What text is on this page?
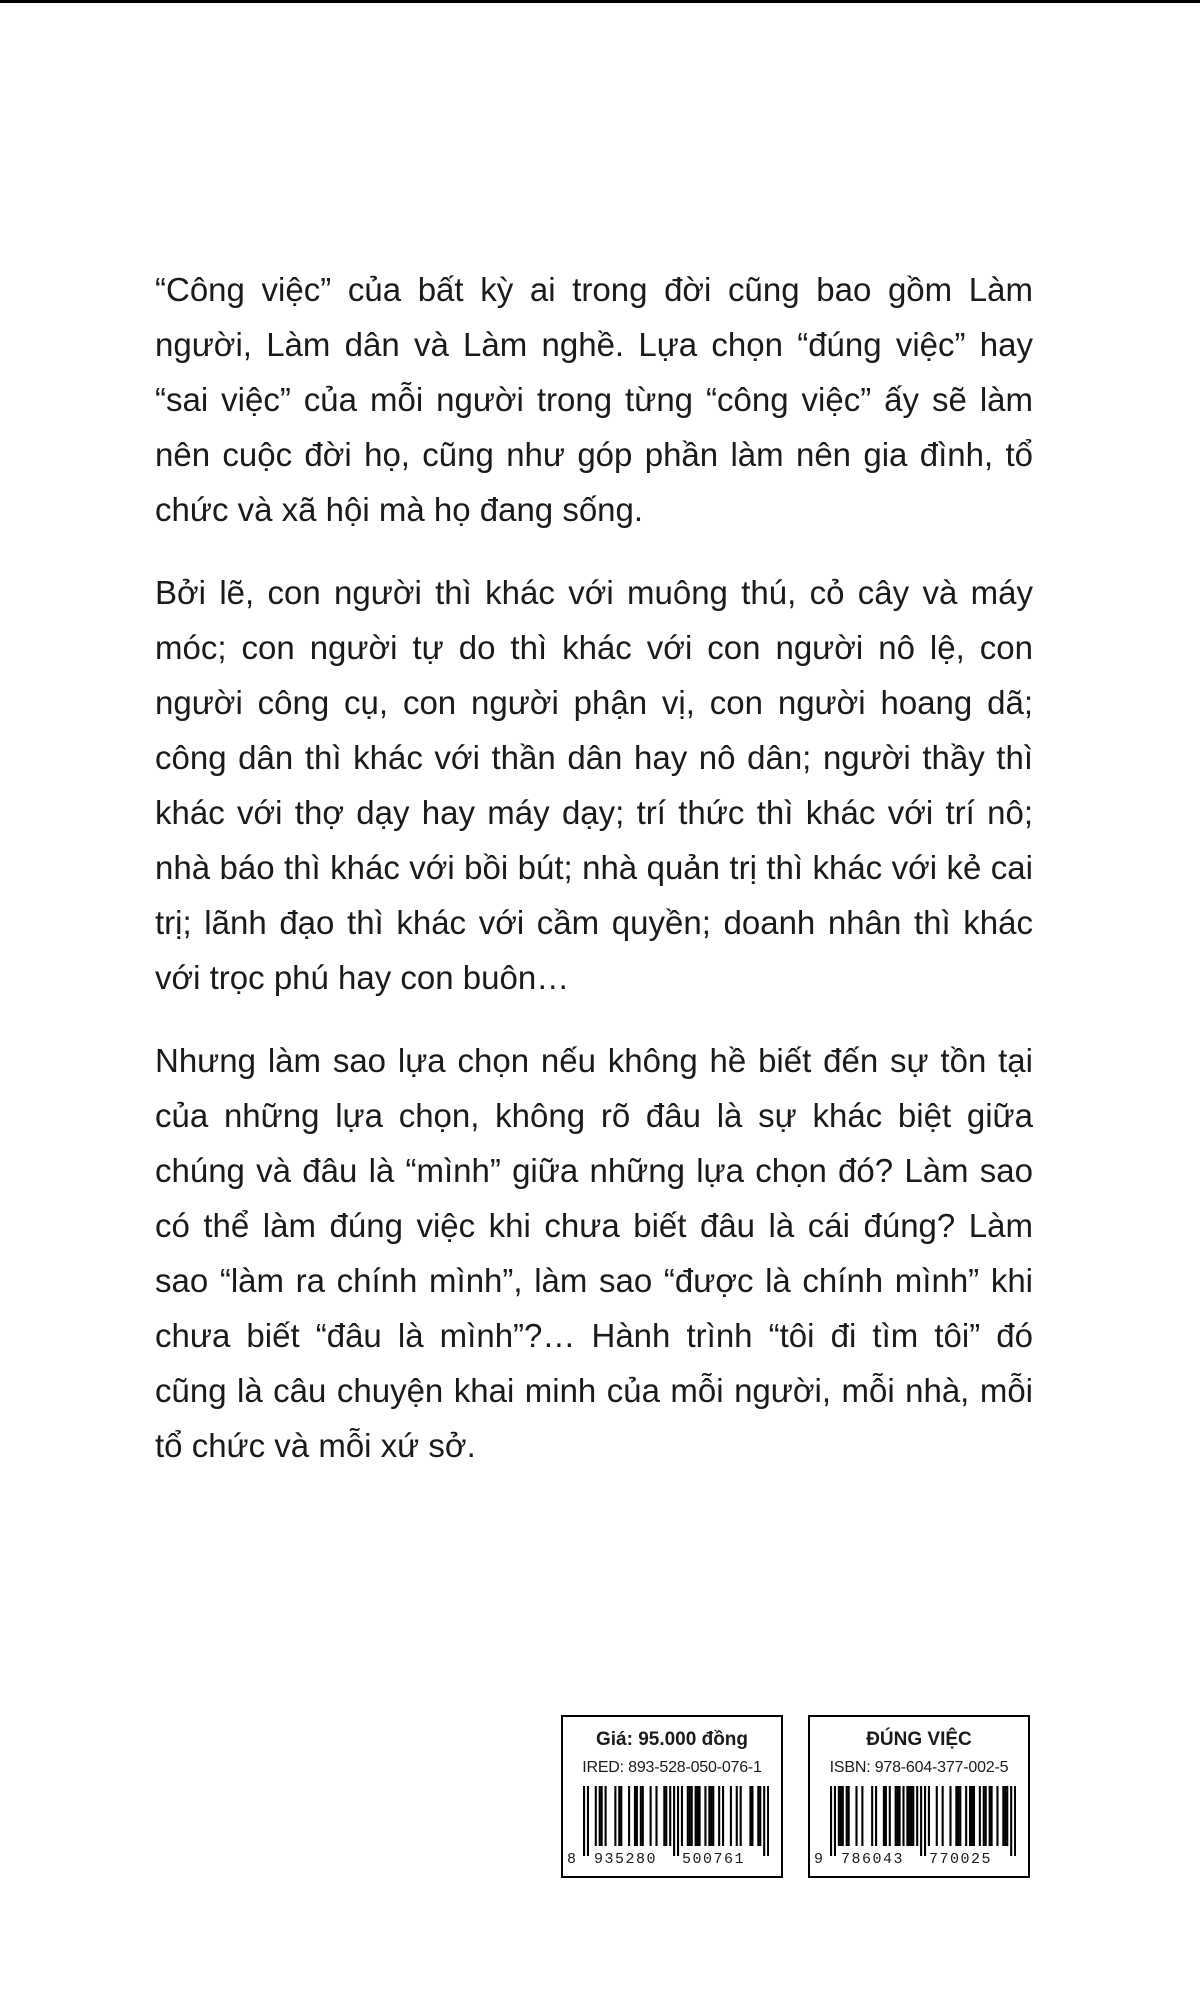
“Công việc” của bất kỳ ai trong đời cũng bao gồm Làm người, Làm dân và Làm nghề. Lựa chọn “đúng việc” hay “sai việc” của mỗi người trong từng “công việc” ấy sẽ làm nên cuộc đời họ, cũng như góp phần làm nên gia đình, tổ chức và xã hội mà họ đang sống.

Bởi lẽ, con người thì khác với muông thú, cỏ cây và máy móc; con người tự do thì khác với con người nô lệ, con người công cụ, con người phận vị, con người hoang dã; công dân thì khác với thần dân hay nô dân; người thầy thì khác với thợ dạy hay máy dạy; trí thức thì khác với trí nô; nhà báo thì khác với bồi bút; nhà quản trị thì khác với kẻ cai trị; lãnh đạo thì khác với cầm quyền; doanh nhân thì khác với trọc phú hay con buôn…

Nhưng làm sao lựa chọn nếu không hề biết đến sự tồn tại của những lựa chọn, không rõ đâu là sự khác biệt giữa chúng và đâu là “mình” giữa những lựa chọn đó? Làm sao có thể làm đúng việc khi chưa biết đâu là cái đúng? Làm sao “làm ra chính mình”, làm sao “được là chính mình” khi chưa biết “đâu là mình”?… Hành trình “tôi đi tìm tôi” đó cũng là câu chuyện khai minh của mỗi người, mỗi nhà, mỗi tổ chức và mỗi xứ sở.

Giá: 95.000 đồng
IRED: 893-528-050-076-1
8 935280 500761
ĐÚNG VIỆC
ISBN: 978-604-377-002-5
9 786043 770025
